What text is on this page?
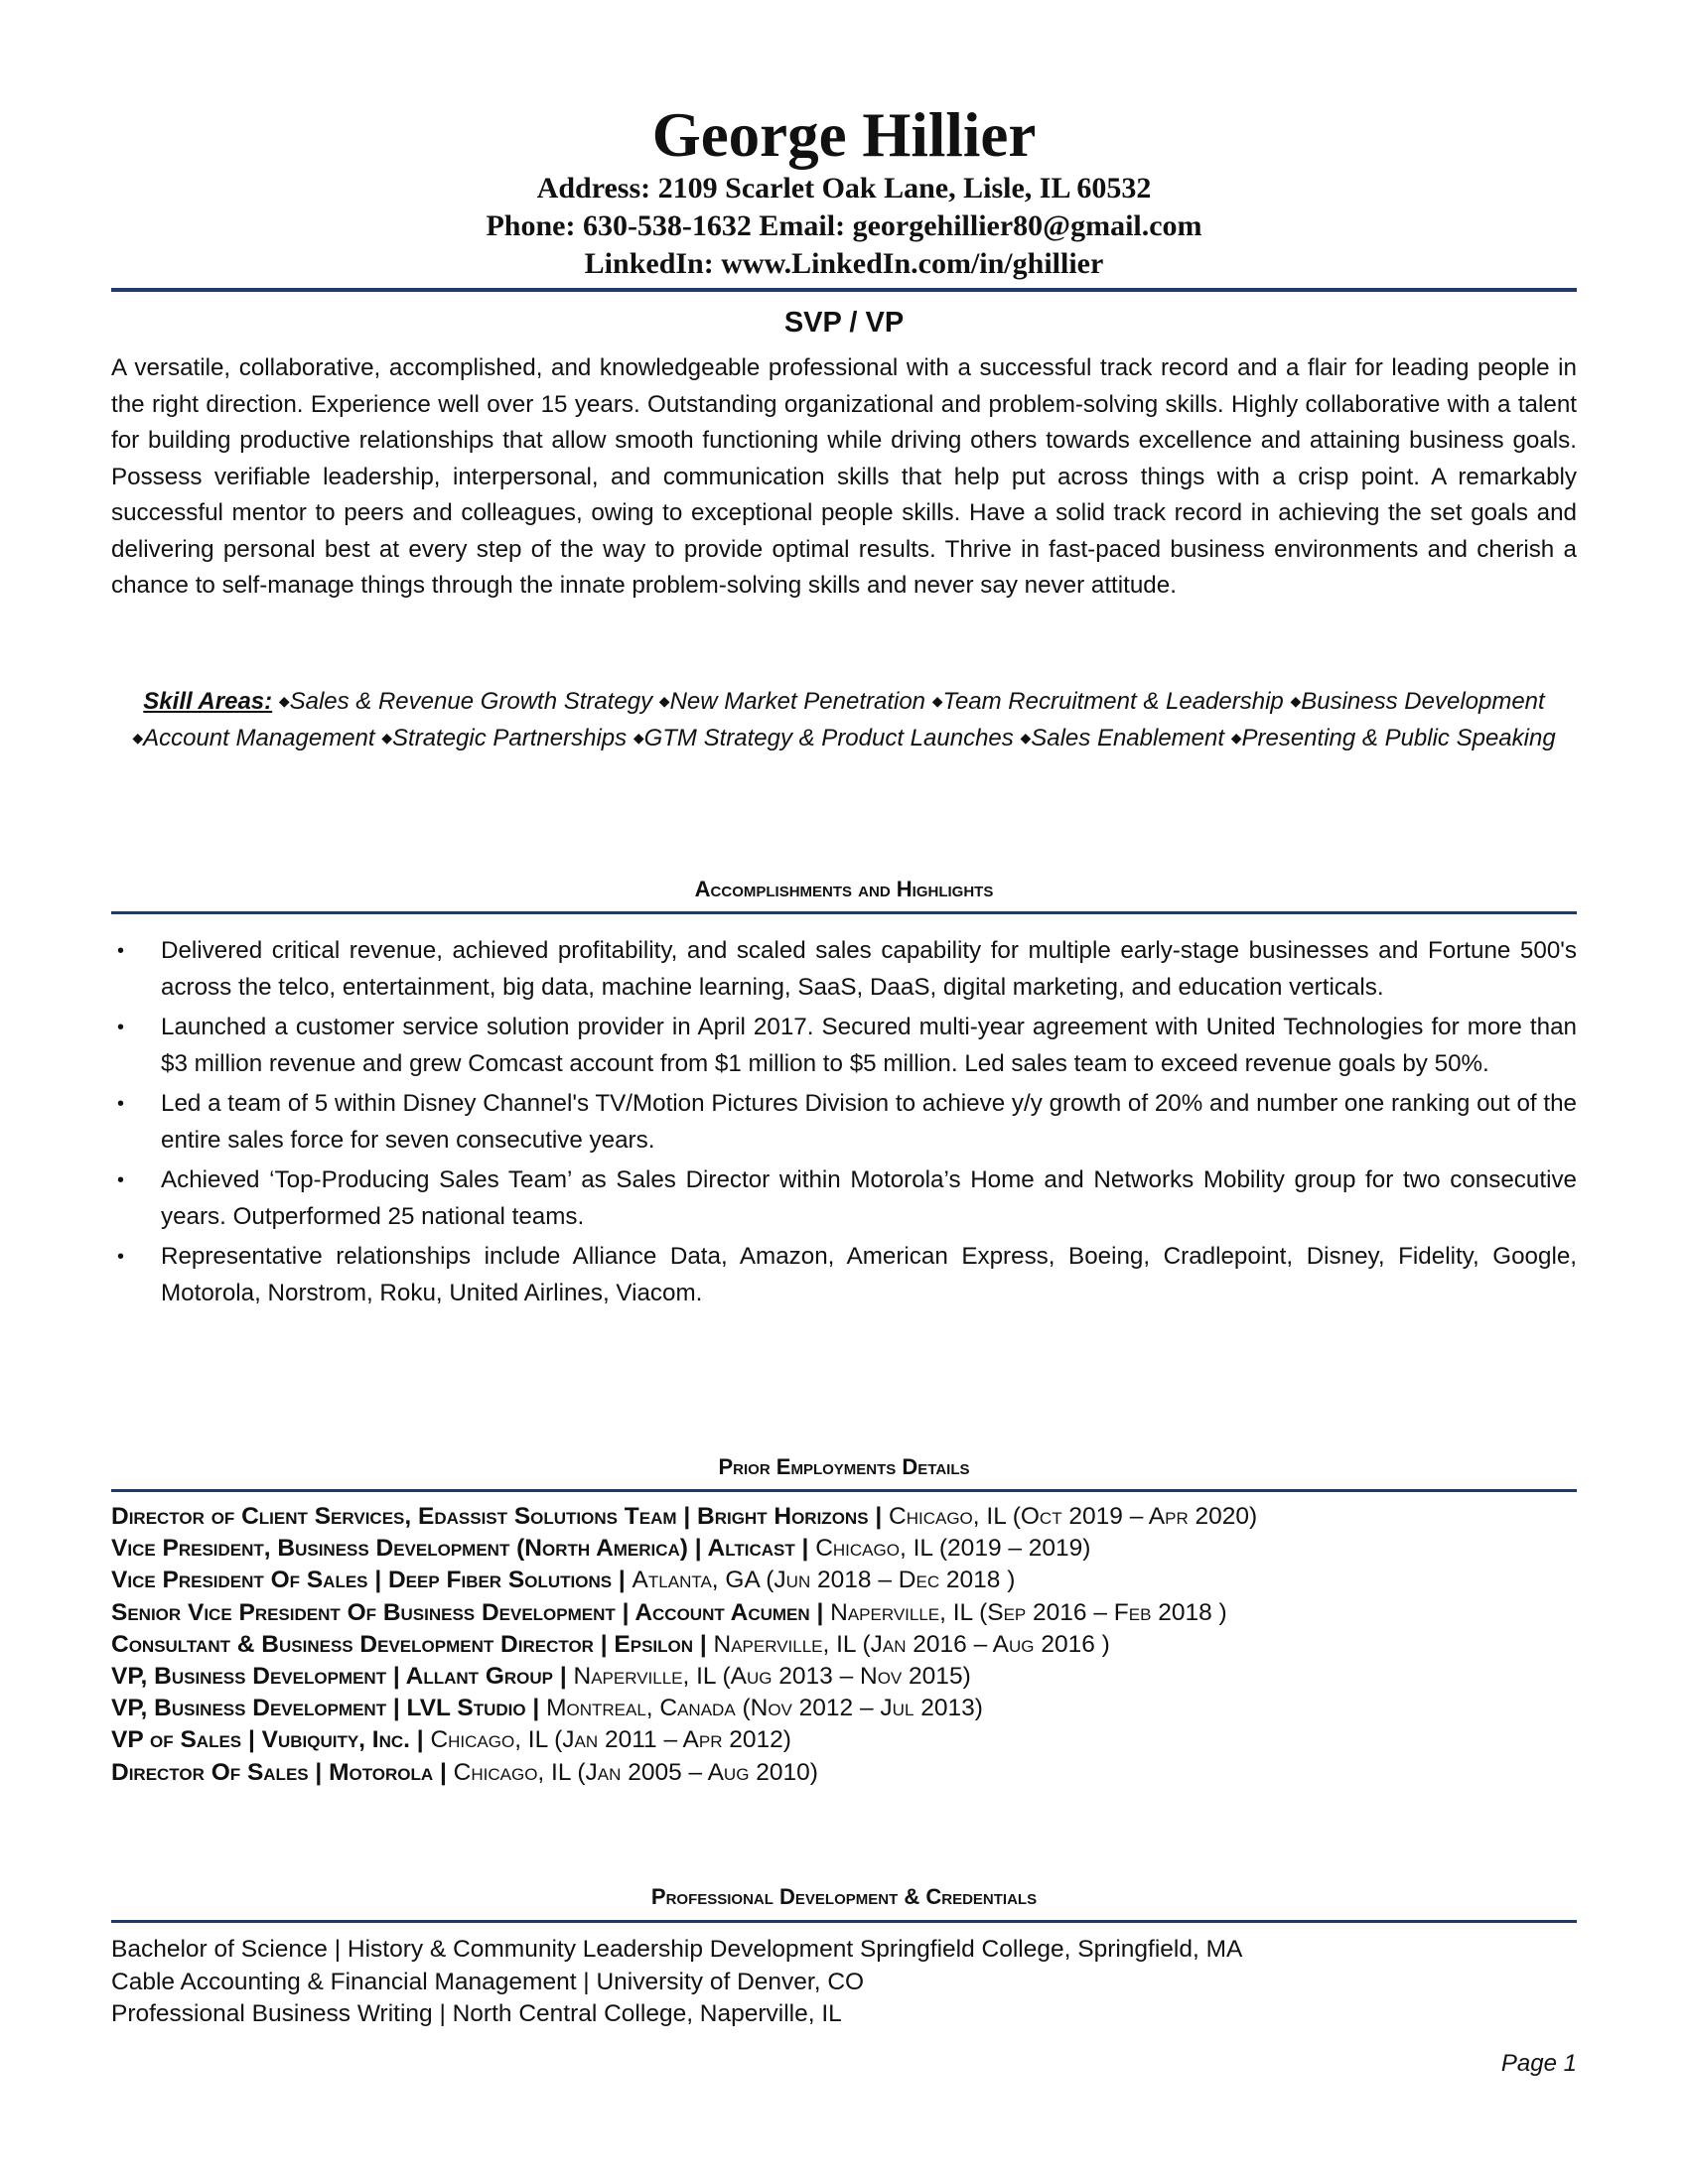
George Hillier
Address: 2109 Scarlet Oak Lane, Lisle, IL 60532
Phone: 630-538-1632 Email: georgehillier80@gmail.com
LinkedIn: www.LinkedIn.com/in/ghillier
SVP / VP

A versatile, collaborative, accomplished, and knowledgeable professional with a successful track record and a flair for leading people in the right direction. Experience well over 15 years. Outstanding organizational and problem-solving skills. Highly collaborative with a talent for building productive relationships that allow smooth functioning while driving others towards excellence and attaining business goals. Possess verifiable leadership, interpersonal, and communication skills that help put across things with a crisp point. A remarkably successful mentor to peers and colleagues, owing to exceptional people skills. Have a solid track record in achieving the set goals and delivering personal best at every step of the way to provide optimal results. Thrive in fast-paced business environments and cherish a chance to self-manage things through the innate problem-solving skills and never say never attitude.

Skill Areas: ◆Sales & Revenue Growth Strategy ◆New Market Penetration ◆Team Recruitment & Leadership ◆Business Development ◆Account Management ◆Strategic Partnerships ◆GTM Strategy & Product Launches ◆Sales Enablement ◆Presenting & Public Speaking

Accomplishments and Highlights
• Delivered critical revenue, achieved profitability, and scaled sales capability for multiple early-stage businesses and Fortune 500's across the telco, entertainment, big data, machine learning, SaaS, DaaS, digital marketing, and education verticals.
• Launched a customer service solution provider in April 2017. Secured multi-year agreement with United Technologies for more than $3 million revenue and grew Comcast account from $1 million to $5 million. Led sales team to exceed revenue goals by 50%.
• Led a team of 5 within Disney Channel's TV/Motion Pictures Division to achieve y/y growth of 20% and number one ranking out of the entire sales force for seven consecutive years.
• Achieved ‘Top-Producing Sales Team’ as Sales Director within Motorola’s Home and Networks Mobility group for two consecutive years. Outperformed 25 national teams.
• Representative relationships include Alliance Data, Amazon, American Express, Boeing, Cradlepoint, Disney, Fidelity, Google, Motorola, Norstrom, Roku, United Airlines, Viacom.
Prior Employments Details
Director of Client Services, Edassist Solutions Team | Bright Horizons | Chicago, IL (Oct 2019 – Apr 2020)
Vice President, Business Development (North America) | Alticast | Chicago, IL (2019 – 2019)
Vice President Of Sales | Deep Fiber Solutions | Atlanta, GA (Jun 2018 – Dec 2018 )
Senior Vice President Of Business Development | Account Acumen | Naperville, IL (Sep 2016 – Feb 2018 )
Consultant & Business Development Director | Epsilon | Naperville, IL (Jan 2016 – Aug 2016 )
VP, Business Development | Allant Group | Naperville, IL (Aug 2013 – Nov 2015)
VP, Business Development | LVL Studio | Montreal, Canada (Nov 2012 – Jul 2013)
VP of Sales | Vubiquity, Inc. | Chicago, IL (Jan 2011 – Apr 2012)
Director Of Sales | Motorola | Chicago, IL (Jan 2005 – Aug 2010)
Professional Development & Credentials
Bachelor of Science | History & Community Leadership Development Springfield College, Springfield, MA
Cable Accounting & Financial Management | University of Denver, CO
Professional Business Writing | North Central College, Naperville, IL
Page 1
